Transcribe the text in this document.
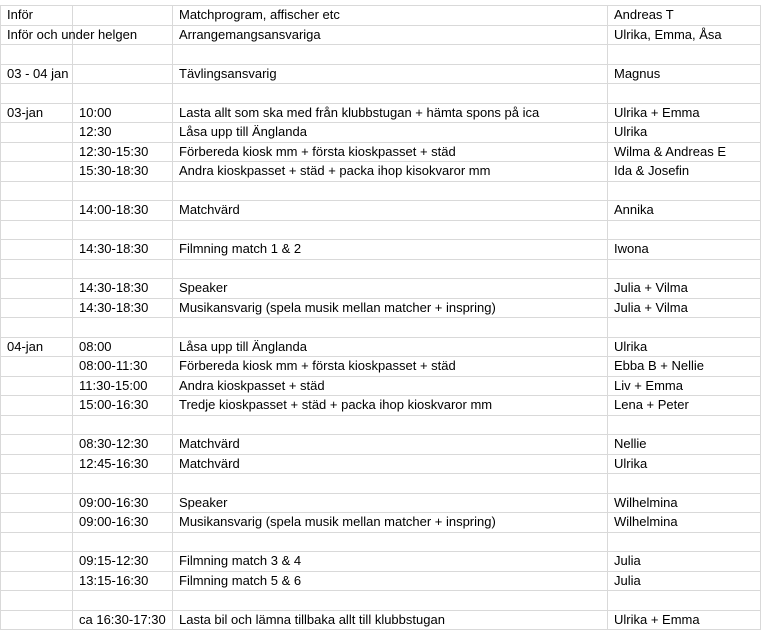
Inför		Matchprogram, affischer etc	Andreas T
Inför och under helgen		Arrangemangsansvariga	Ulrika, Emma, Åsa

03 - 04 jan		Tävlingsansvarig	Magnus

03-jan	10:00	Lasta allt som ska med från klubbstugan + hämta spons på ica	Ulrika + Emma
	12:30	Låsa upp till Änglanda	Ulrika
	12:30-15:30	Förbereda kiosk mm + första kioskpasset + städ	Wilma & Andreas E
	15:30-18:30	Andra kioskpasset + städ + packa ihop kisokvaror mm	Ida & Josefin

	14:00-18:30	Matchvärd	Annika

	14:30-18:30	Filmning match 1 & 2	Iwona

	14:30-18:30	Speaker	Julia + Vilma
	14:30-18:30	Musikansvarig (spela musik mellan matcher + inspring)	Julia + Vilma

04-jan	08:00	Låsa upp till Änglanda	Ulrika
	08:00-11:30	Förbereda kiosk mm + första kioskpasset + städ	Ebba B + Nellie
	11:30-15:00	Andra kioskpasset + städ	Liv + Emma
	15:00-16:30	Tredje kioskpasset + städ + packa ihop kioskvaror mm	Lena + Peter

	08:30-12:30	Matchvärd	Nellie
	12:45-16:30	Matchvärd	Ulrika

	09:00-16:30	Speaker	Wilhelmina
	09:00-16:30	Musikansvarig (spela musik mellan matcher + inspring)	Wilhelmina

	09:15-12:30	Filmning match 3 & 4	Julia
	13:15-16:30	Filmning match 5 & 6	Julia

	ca 16:30-17:30	Lasta bil och lämna tillbaka allt till klubbstugan	Ulrika + Emma
